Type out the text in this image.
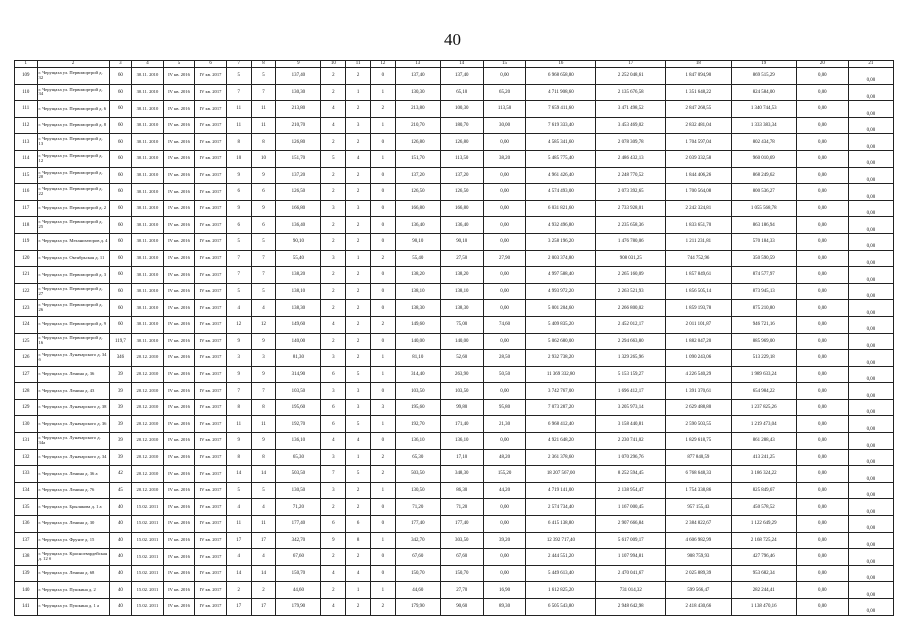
40
1	2	3	4	5	6	7	8	9	10	11	12	13	14	15	16	17	18	19	20	21
109	г. Черущаха ул. Первомортрой д. 32	60	30.11. 2010	IV кв. 2016	IV кв. 2017	5	5	137,40	2	2	0	137,40	137,40	0,00	6 968 658,80	2 252 048,61	1 847 094,90	869 515,29	0,00	0,00
110	г. Черущаха ул. Первомортрой д. 34	60	30.11. 2010	IV кв. 2016	IV кв. 2017	7	7	130,30	2	1	1	130,30	65,10	65,20	4 711 908,60	2 135 676,58	1 351 648,22	824 584,00	0,00	0,00
111	г. Черущаха ул. Первомортрой д. 6	60	30.11. 2010	IV кв. 2016	IV кв. 2017	11	11	213,80	4	2	2	213,80	100,30	113,50	7 659 411,60	3 471 498,52	2 847 268,55	1 340 744,53	0,00	0,00
112	г. Черущаха ул. Первомортрой д. 8	60	30.11. 2010	IV кв. 2016	IV кв. 2017	11	11	210,70	4	3	1	210,70	180,70	30,00	7 619 333,40	3 453 469,02	2 832 481,04	1 333 383,34	0,00	0,00
113	г. Черущаха ул. Первомортрой д. 13	60	30.11. 2010	IV кв. 2016	IV кв. 2017	8	8	126,80	2	2	0	126,80	126,80	0,00	4 585 341,60	2 078 309,78	1 704 597,04	802 434,78	0,00	0,00
114	г. Черущаха ул. Первомортрой д. 12	60	30.11. 2010	IV кв. 2016	IV кв. 2017	10	10	151,70	5	4	1	151,70	113,50	38,20	5 485 775,40	2 486 432,13	2 039 332,58	960 010,69	0,00	0,00
115	г. Черущаха ул. Первомортрой д. 20	60	30.11. 2010	IV кв. 2016	IV кв. 2017	9	9	137,20	2	2	0	137,20	137,20	0,00	4 961 426,40	2 248 770,52	1 844 406,26	868 249,62	0,00	0,00
116	г. Черущаха ул. Первомортрой д. 22	60	30.11. 2010	IV кв. 2016	IV кв. 2017	6	6	126,50	2	2	0	126,50	126,50	0,00	4 574 493,00	2 073 392,65	1 700 564,08	800 536,27	0,00	0,00
117	г. Черущаха ул. Первомортрой д. 2	60	30.11. 2010	IV кв. 2016	IV кв. 2017	9	9	166,80	3	3	0	166,80	166,80	0,00	6 031 821,60	2 733 928,01	2 242 324,81	1 055 568,78	0,00	0,00
118	г. Черущаха ул. Первомортрой д. 25	60	30.11. 2010	IV кв. 2016	IV кв. 2017	6	6	136,40	2	2	0	136,40	136,40	0,00	4 932 496,80	2 235 658,36	1 833 651,70	863 186,94	0,00	0,00
119	г. Черущаха ул. Механизаторов д. 4	60	30.11. 2010	IV кв. 2016	IV кв. 2017	5	5	90,10	2	2	0	90,10	90,10	0,00	3 258 196,20	1 476 780,06	1 211 231,81	570 184,33	0,00	0,00
120	г. Черущаха ул. Октябрьская д. 11	60	30.11. 2010	IV кв. 2016	IV кв. 2017	7	7	55,40	3	1	2	55,40	27,50	27,90	2 003 374,80	908 031,25	744 752,96	350 590,59	0,00	0,00
121	г. Черущаха ул. Первомортрой д. 3	60	30.11. 2010	IV кв. 2016	IV кв. 2017	7	7	138,20	2	2	0	138,20	138,20	0,00	4 997 588,40	2 265 160,09	1 857 849,61	874 577,97	0,00	0,00
122	г. Черущаха ул. Первомортрой д. 27	60	30.11. 2010	IV кв. 2016	IV кв. 2017	5	5	138,10	2	2	0	138,10	138,10	0,00	4 993 972,20	2 263 521,93	1 856 505,14	873 945,13	0,00	0,00
123	г. Черущаха ул. Первомортрой д. 26	60	30.11. 2010	IV кв. 2016	IV кв. 2017	4	4	138,30	2	2	0	138,30	138,30	0,00	5 001 204,60	2 266 800,02	1 859 193,78	875 210,80	0,00	0,00
124	г. Черущаха ул. Первомортрой д. 9	60	30.11. 2010	IV кв. 2016	IV кв. 2017	12	12	149,60	4	2	2	149,60	75,00	74,60	5 409 835,20	2 452 012,17	2 011 101,87	946 721,16	0,00	0,00
125	г. Черущаха ул. Первомортрой д. 16	119,7	30.11. 2010	IV кв. 2016	IV кв. 2017	9	9	140,00	2	2	0	140,00	140,00	0,00	5 062 680,00	2 294 663,80	1 882 047,20	885 969,00	0,00	0,00
126	г. Черущаха ул. Луначарского д. 34 б	346	20.12. 2010	IV кв. 2016	IV кв. 2017	3	3	81,30	3	2	1	81,10	52,60	28,50	2 932 738,20	1 329 265,96	1 090 243,06	513 229,18	0,00	0,00
127	г. Черущаха ул. Ленина д. 36	39	20.12. 2010	IV кв. 2016	IV кв. 2017	9	9	314,90	6	5	1	314,40	263,90	50,50	11 369 332,80	5 153 159,27	4 226 540,29	1 989 633,24	0,00	0,00
128	г. Черущаха ул. Ленина д. 43	39	20.12. 2010	IV кв. 2016	IV кв. 2017	7	7	103,50	3	3	0	103,50	103,50	0,00	3 742 767,00	1 696 412,17	1 391 370,61	654 984,22	0,00	0,00
129	г. Черущаха ул. Луначарского д. 38	39	20.12. 2010	IV кв. 2016	IV кв. 2017	8	8	195,60	6	3	3	195,60	99,80	95,80	7 073 287,20	3 205 973,14	2 629 488,80	1 237 825,26	0,00	0,00
130	г. Черущаха ул. Луначарского д. 36	39	20.12. 2010	IV кв. 2016	IV кв. 2017	11	11	192,70	6	5	1	192,70	171,40	21,30	6 968 412,40	3 158 440,81	2 590 503,55	1 219 473,04	0,00	0,00
131	г. Черущаха ул. Луначарского д. 34а	39	20.12. 2010	IV кв. 2016	IV кв. 2017	9	9	136,10	4	4	0	136,10	136,10	0,00	4 921 648,20	2 230 741,02	1 829 618,75	861 288,43	0,00	0,00
132	г. Черущаха ул. Луначарского д. 34	39	20.12. 2010	IV кв. 2016	IV кв. 2017	8	8	65,30	3	1	2	65,30	17,10	48,20	2 361 378,60	1 070 296,76	877 840,59	413 241,25	0,00	0,00
133	г. Черущаха ул. Ленина д. 36 а	42	20.12. 2010	IV кв. 2016	IV кв. 2017	14	14	503,50	7	5	2	503,50	348,30	155,20	18 207 567,00	8 252 594,45	6 768 648,33	3 186 324,22	0,00	0,00
134	г. Черущаха ул. Ленина д. 76	45	20.12. 2010	IV кв. 2016	IV кв. 2017	5	5	130,50	3	2	1	130,50	86,30	44,20	4 719 141,00	2 138 954,47	1 754 338,86	825 849,67	0,00	0,00
135	г. Черущаха ул. Брылякова д. 1 а	40	15.02. 2011	IV кв. 2016	IV кв. 2017	4	4	71,20	2	2	0	71,20	71,20	0,00	2 574 734,40	1 167 000,45	957 155,43	450 578,52	0,00	0,00
136	г. Черущаха ул. Ленина д. 30	40	15.02. 2011	IV кв. 2016	IV кв. 2017	11	11	177,40	6	6	0	177,40	177,40	0,00	6 415 138,80	2 907 666,84	2 384 822,67	1 122 649,29	0,00	0,00
137	г. Черущаха ул. Фрунзе д. 15	40	15.02. 2011	IV кв. 2016	IV кв. 2017	17	17	342,70	9	8	1	342,70	303,50	39,20	12 392 717,40	5 617 009,17	4 606 982,99	2 168 725,24	0,00	0,00
138	г. Черущаха ул. Красногвардейская д. 12 б	40	15.02. 2011	IV кв. 2016	IV кв. 2017	4	4	67,60	2	2	0	67,60	67,60	0,00	2 444 551,20	1 107 994,81	908 759,93	427 796,46	0,00	0,00
139	г. Черущаха ул. Ленина д. 68	40	15.02. 2011	IV кв. 2016	IV кв. 2017	14	14	150,70	4	4	0	150,70	150,70	0,00	5 449 613,40	2 470 041,67	2 025 889,39	953 682,34	0,00	0,00
140	г. Черущаха ул. Пушкина д. 2	40	15.02. 2011	IV кв. 2016	IV кв. 2017	2	2	44,60	2	1	1	44,60	27,70	16,90	1 612 825,20	731 014,32	599 566,47	282 244,41	0,00	0,00
141	г. Черущаха ул. Пушкина д. 1 а	40	15.02. 2011	IV кв. 2016	IV кв. 2017	17	17	179,90	4	2	2	179,90	90,60	89,30	6 505 543,80	2 948 642,98	2 418 430,66	1 138 470,16	0,00	0,00
